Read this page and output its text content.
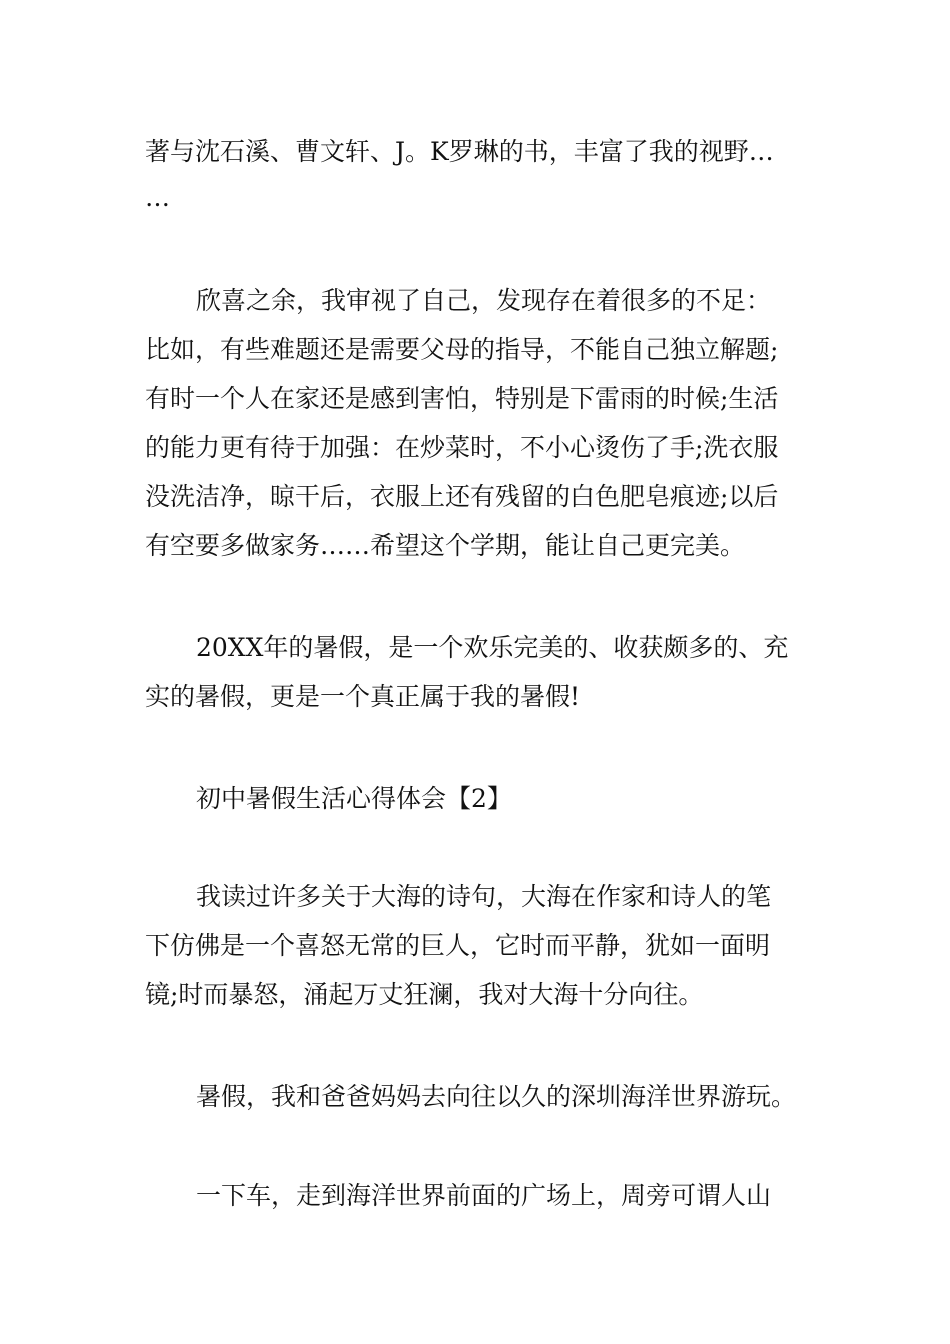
著与沈石溪、曹文轩、J。K罗琳的书，丰富了我的视野…
…
欣喜之余，我审视了自己，发现存在着很多的不足：
比如，有些难题还是需要父母的指导，不能自己独立解题;
有时一个人在家还是感到害怕，特别是下雷雨的时候;生活
的能力更有待于加强：在炒菜时，不小心烫伤了手;洗衣服
没洗洁净，晾干后，衣服上还有残留的白色肥皂痕迹;以后
有空要多做家务……希望这个学期，能让自己更完美。
20XX年的暑假，是一个欢乐完美的、收获颇多的、充
实的暑假，更是一个真正属于我的暑假!
初中暑假生活心得体会【2】
我读过许多关于大海的诗句，大海在作家和诗人的笔
下仿佛是一个喜怒无常的巨人，它时而平静，犹如一面明
镜;时而暴怒，涌起万丈狂澜，我对大海十分向往。
暑假，我和爸爸妈妈去向往以久的深圳海洋世界游玩。
一下车，走到海洋世界前面的广场上，周旁可谓人山
